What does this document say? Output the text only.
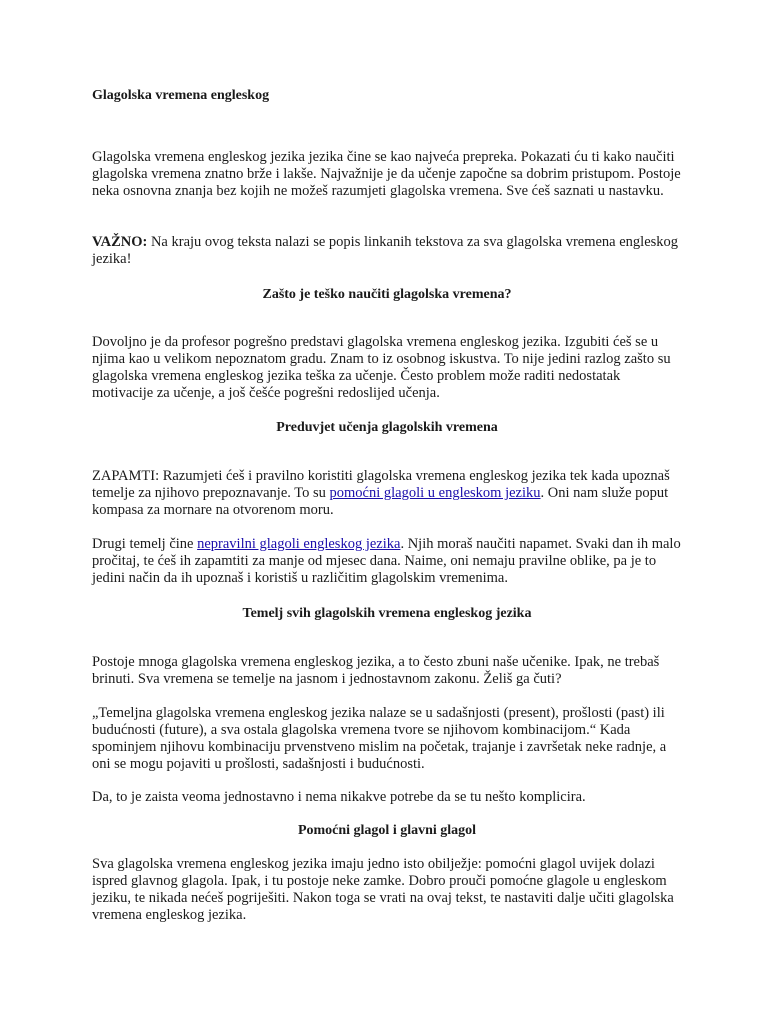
Glagolska vremena engleskog

Glagolska vremena engleskog jezika jezika čine se kao najveća prepreka. Pokazati ću ti kako naučiti glagolska vremena znatno brže i lakše. Najvažnije je da učenje započne sa dobrim pristupom. Postoje neka osnovna znanja bez kojih ne možeš razumjeti glagolska vremena. Sve ćeš saznati u nastavku.

VAŽNO: Na kraju ovog teksta nalazi se popis linkanih tekstova za sva glagolska vremena engleskog jezika!

Zašto je teško naučiti glagolska vremena?

Dovoljno je da profesor pogrešno predstavi glagolska vremena engleskog jezika. Izgubiti ćeš se u njima kao u velikom nepoznatom gradu. Znam to iz osobnog iskustva. To nije jedini razlog zašto su glagolska vremena engleskog jezika teška za učenje. Često problem može raditi nedostatak motivacije za učenje, a još češće pogrešni redoslijed učenja.

Preduvjet učenja glagolskih vremena

ZAPAMTI: Razumjeti ćeš i pravilno koristiti glagolska vremena engleskog jezika tek kada upoznaš temelje za njihovo prepoznavanje. To su pomoćni glagoli u engleskom jeziku. Oni nam služe poput kompasa za mornare na otvorenom moru.

Drugi temelj čine nepravilni glagoli engleskog jezika. Njih moraš naučiti napamet. Svaki dan ih malo pročitaj, te ćeš ih zapamtiti za manje od mjesec dana. Naime, oni nemaju pravilne oblike, pa je to jedini način da ih upoznaš i koristiš u različitim glagolskim vremenima.

Temelj svih glagolskih vremena engleskog jezika

Postoje mnoga glagolska vremena engleskog jezika, a to često zbuni naše učenike. Ipak, ne trebaš brinuti. Sva vremena se temelje na jasnom i jednostavnom zakonu. Želiš ga čuti?

„Temeljna glagolska vremena engleskog jezika nalaze se u sadašnjosti (present), prošlosti (past) ili budućnosti (future), a sva ostala glagolska vremena tvore se njihovom kombinacijom.“ Kada spominjem njihovu kombinaciju prvenstveno mislim na početak, trajanje i završetak neke radnje, a oni se mogu pojaviti u prošlosti, sadašnjosti i budućnosti.

Da, to je zaista veoma jednostavno i nema nikakve potrebe da se tu nešto komplicira.

Pomoćni glagol i glavni glagol

Sva glagolska vremena engleskog jezika imaju jedno isto obilježje: pomoćni glagol uvijek dolazi ispred glavnog glagola. Ipak, i tu postoje neke zamke. Dobro prouči pomoćne glagole u engleskom jeziku, te nikada nećeš pogriješiti. Nakon toga se vrati na ovaj tekst, te nastaviti dalje učiti glagolska vremena engleskog jezika.
